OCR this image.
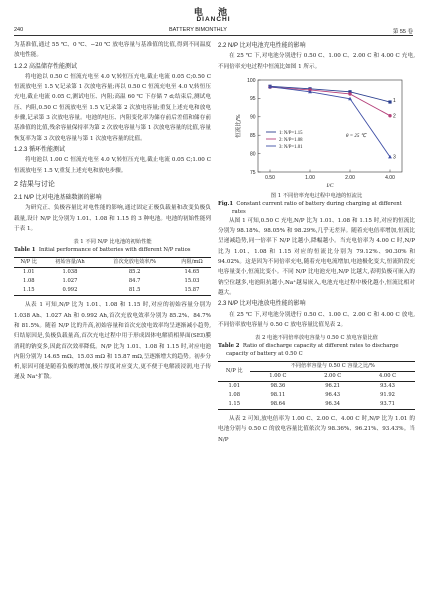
电 池
DIANCHI
240	BATTERY BIMONTHLY	第 55 卷

为基准值,通过 55 ℃、0 ℃、−20 ℃ 放电容量与基准值的比值,得到不同温度放电性能。

1.2.2 高温储存性能测试

将电池以 0.50 C 恒流充电至 4.0 V,转恒压充电,截止电流 0.05 C;0.50 C 恒流放电至 1.5 V,记录第 1 次放电容量;再以 0.50 C 恒流充电至 4.0 V,转恒压充电,截止电流 0.05 C,测试电压、内阻;高温 60 ℃ 下存储 7 d;结束后,测试电压、内阻,0.50 C 恒流放电至 1.5 V,记录第 2 次放电容量;重复上述充电和放电步骤,记录第 3 次放电容量。电池的电压、内阻变化率为储存前后差值和储存前基准值的比值,残余容量保持率为第 2 次放电容量与第 1 次放电容量的比值,容量恢复率为第 3 次放电容量与第 1 次放电容量的比值。

1.2.3 循环性能测试

将电池以 1.00 C 恒流充电至 4.0 V,转恒压充电,截止电流 0.05 C;1.00 C 恒流放电至 1.5 V,重复上述充电和放电步骤。

2 结果与讨论
2.1 N/P 比对电池基础数据的影响

为研究正、负极容量比对电性能的影响,通过固定正极负载量和改变负极负载量,设计 N/P 比分别为 1.01、1.08 和 1.15 的 3 种电池。电池的初始性能列于表 1。

表 1 不同 N/P 比电池的初始性能
Table 1 Initial performance of batteries with different N/P ratios
N/P 比	初始容量/Ah	首次充放电效率/%	内阻/mΩ
1.01	1.038	85.2	14.65
1.08	1.027	84.7	15.03
1.15	0.992	81.5	15.87

从表 1 可知,N/P 比为 1.01、1.08 和 1.15 时,对应的初始容量分别为 1.038 Ah、1.027 Ah 和 0.992 Ah,首次充放电效率分别为 85.2%、84.7% 和 81.5%。随着 N/P 比的升高,初始容量和首次充放电效率均呈逐渐减小趋势,归结原因是,负极负载量高,首次充电过程中用于形成固体电解质相界面(SEI)膜消耗的钠变多,因此首次效率降低。N/P 比为 1.01、1.08 和 1.15 时,对应电池内阻分别为 14.65 mΩ、15.03 mΩ 和 15.87 mΩ,呈逐渐增大的趋势。初步分析,原因可能是随着负极的增加,极片厚度对应变大,更不便于电解液浸润,电子传递及 Na⁺扩散。

2.2 N/P 比对电池充电性能的影响

在 25 ℃ 下,对电池分别进行 0.50 C、1.00 C、2.00 C 和 4.00 C 充电,不同倍率充电过程中恒流比如图 1 所示。

75
80
85
90
95
100
0.50	1.00	2.00	4.00
I/C
恒流比/%	θ = 25 ℃
1
2
3
1: N/P=1.15
2: N/P=1.08
3: N/P=1.01
图 1 不同倍率充电过程中电池的恒流比
Fig.1 Constant current ratio of battery during charging at different rates

从图 1 可知,0.50 C 充电,N/P 比为 1.01、1.08 和 1.15 时,对应的恒流比分别为 98.18%、98.05% 和 98.29%,几乎无差异。随着充电倍率增加,恒流比呈递减趋势,同一倍率下 N/P 比越小,降幅越小。当充电倍率为 4.00 C 时,N/P 比为 1.01、1.08 和 1.15 对应的恒流比分别为 79.12%、90.30% 和 94.02%。这是因为不同倍率充电,随着充电电流增加,电池极化变大,恒流阶段充电容量变小,恒流比变小。不同 N/P 比电池充电,N/P 比越大,表明负极可嵌入的钠空位越多,电池阻抗越小,Na⁺越易嵌入,电池充电过程中极化越小,恒流比相对越大。

2.3 N/P 比对电池放电性能的影响

在 25 ℃ 下,对电池分别进行 0.50 C、1.00 C、2.00 C 和 4.00 C 放电,不同倍率放电容量与 0.50 C 放电容量比值见表 2。

表 2 电池不同倍率放电容量与 0.50 C 放电容量比值
Table 2 Ratio of discharge capacity at different rates to discharge capacity of battery at 0.50 C
N/P 比	不同倍率容量与 0.50 C 容量之比/%		
	1.00 C	2.00 C	4.00 C
1.01	98.36	96.21	93.43
1.08	98.11	96.43	91.92
1.15	98.64	96.34	93.71

从表 2 可知,放电倍率为 1.00 C、2.00 C、4.00 C 时,N/P 比为 1.01 的电池分别与 0.50 C 的放电容量比值依次为 98.36%、96.21%、93.43%。当 N/P
